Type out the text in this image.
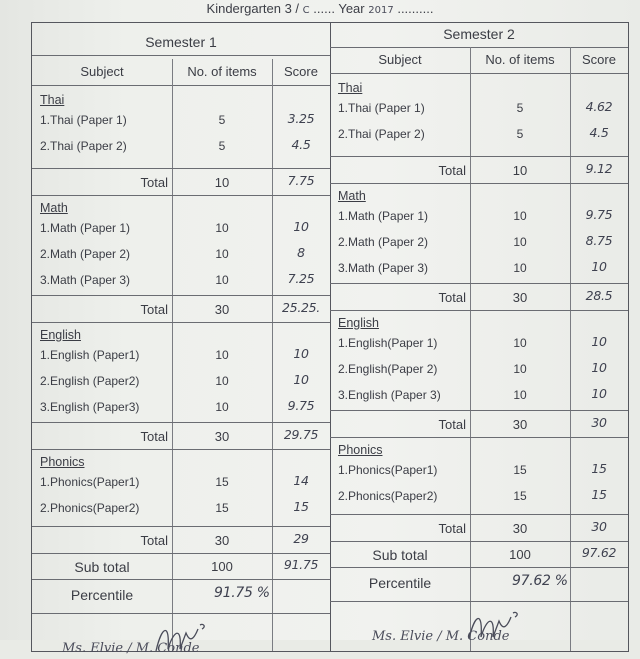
Kindergarten 3 / C ...... Year 2017 ..........
Semester 1
Subject	No. of items	Score
Thai
1.Thai (Paper 1)	5	3.25
2.Thai (Paper 2)	5	4.5
Total	10	7.75
Math
1.Math (Paper 1)	10	10
2.Math (Paper 2)	10	8
3.Math (Paper 3)	10	7.25
Total	30	25.25.
English
1.English (Paper1)	10	10
2.English (Paper2)	10	10
3.English (Paper3)	10	9.75
Total	30	29.75
Phonics
1.Phonics(Paper1)	15	14
2.Phonics(Paper2)	15	15
Total	30	29
Sub total	100	91.75
Percentile	91.75 %
Ms. Elvie / M. Conde
Semester 2
Subject	No. of items	Score
Thai
1.Thai (Paper 1)	5	4.62
2.Thai (Paper 2)	5	4.5
Total	10	9.12
Math
1.Math (Paper 1)	10	9.75
2.Math (Paper 2)	10	8.75
3.Math (Paper 3)	10	10
Total	30	28.5
English
1.English(Paper 1)	10	10
2.English(Paper 2)	10	10
3.English (Paper 3)	10	10
Total	30	30
Phonics
1.Phonics(Paper1)	15	15
2.Phonics(Paper2)	15	15
Total	30	30
Sub total	100	97.62
Percentile	97.62 %
Ms. Elvie / M. Conde
